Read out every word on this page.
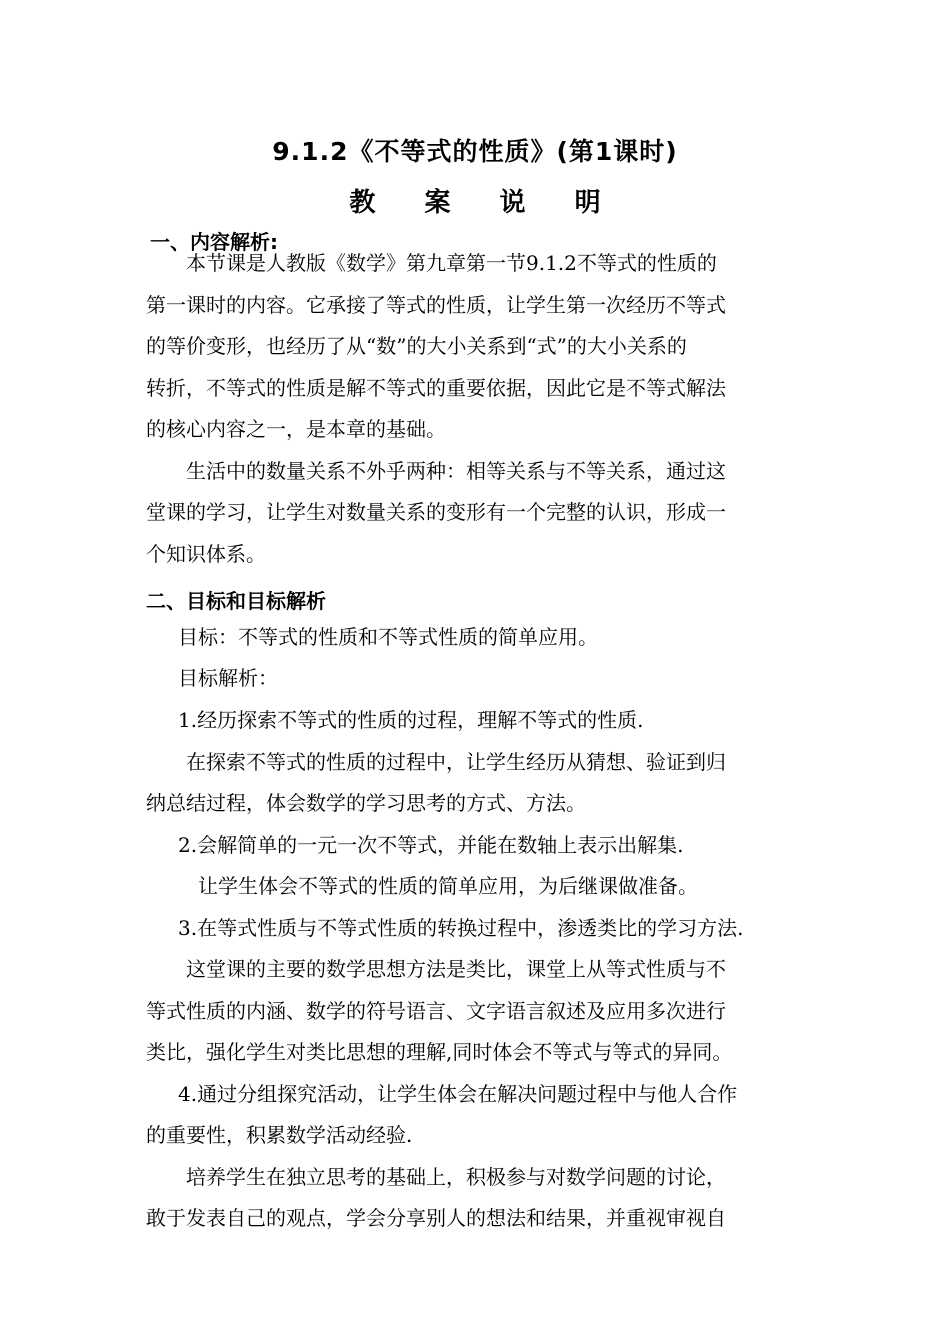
9.1.2《不等式的性质》(第1课时)
教 案 说 明
一、内容解析:
本节课是人教版《数学》第九章第一节9.1.2不等式的性质的
第一课时的内容。它承接了等式的性质，让学生第一次经历不等式
的等价变形，也经历了从“数”的大小关系到“式”的大小关系的
转折，不等式的性质是解不等式的重要依据，因此它是不等式解法
的核心内容之一，是本章的基础。
生活中的数量关系不外乎两种：相等关系与不等关系，通过这
堂课的学习，让学生对数量关系的变形有一个完整的认识，形成一
个知识体系。
二、目标和目标解析
目标：不等式的性质和不等式性质的简单应用。
目标解析：
1.经历探索不等式的性质的过程，理解不等式的性质.
在探索不等式的性质的过程中，让学生经历从猜想、验证到归
纳总结过程，体会数学的学习思考的方式、方法。
2.会解简单的一元一次不等式，并能在数轴上表示出解集.
让学生体会不等式的性质的简单应用，为后继课做准备。
3.在等式性质与不等式性质的转换过程中，渗透类比的学习方法.
这堂课的主要的数学思想方法是类比，课堂上从等式性质与不
等式性质的内涵、数学的符号语言、文字语言叙述及应用多次进行
类比，强化学生对类比思想的理解,同时体会不等式与等式的异同。
4.通过分组探究活动，让学生体会在解决问题过程中与他人合作
的重要性，积累数学活动经验.
培养学生在独立思考的基础上，积极参与对数学问题的讨论，
敢于发表自己的观点，学会分享别人的想法和结果，并重视审视自
